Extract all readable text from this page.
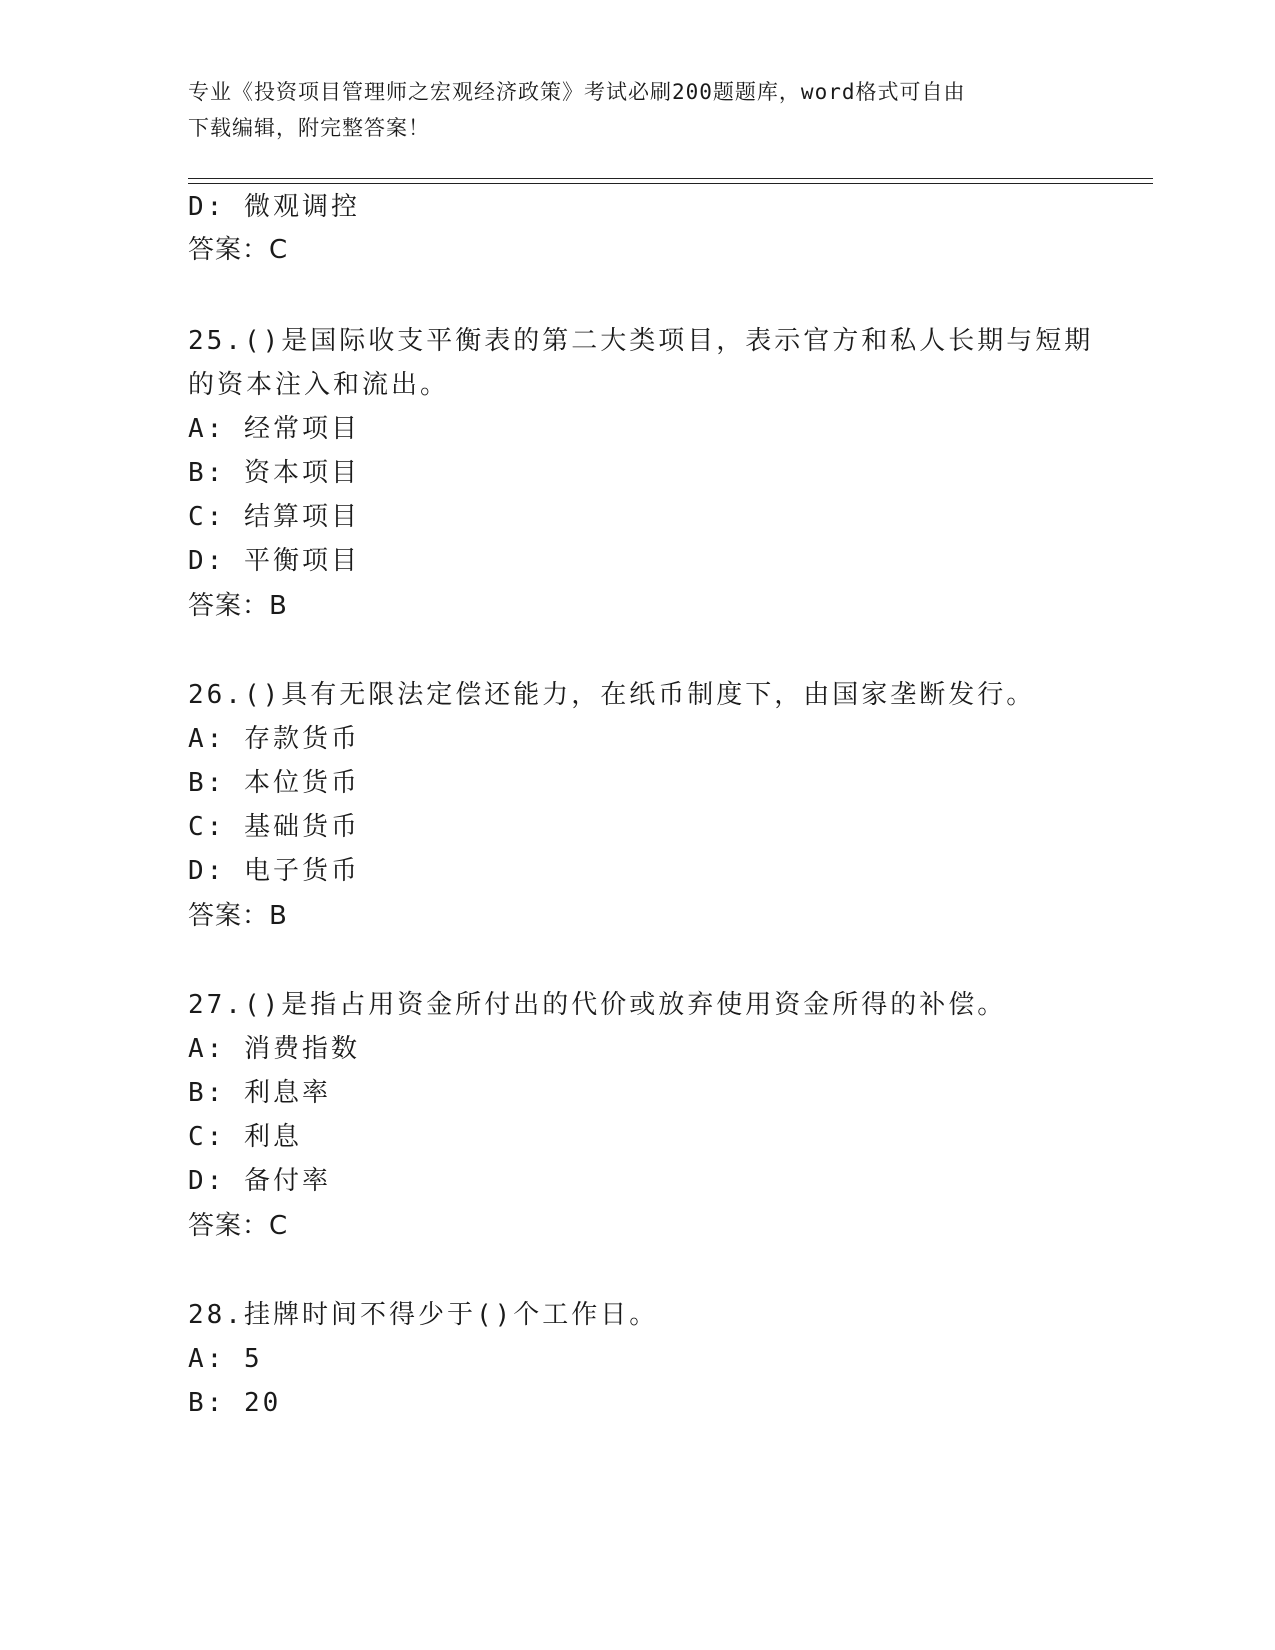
专业《投资项目管理师之宏观经济政策》考试必刷200题题库，word格式可自由
下载编辑，附完整答案！
D: 微观调控
答案：C
25.()是国际收支平衡表的第二大类项目，表示官方和私人长期与短期
的资本注入和流出。
A: 经常项目
B: 资本项目
C: 结算项目
D: 平衡项目
答案：B
26.()具有无限法定偿还能力，在纸币制度下，由国家垄断发行。
A: 存款货币
B: 本位货币
C: 基础货币
D: 电子货币
答案：B
27.()是指占用资金所付出的代价或放弃使用资金所得的补偿。
A: 消费指数
B: 利息率
C: 利息
D: 备付率
答案：C
28.挂牌时间不得少于()个工作日。
A: 5
B: 20
